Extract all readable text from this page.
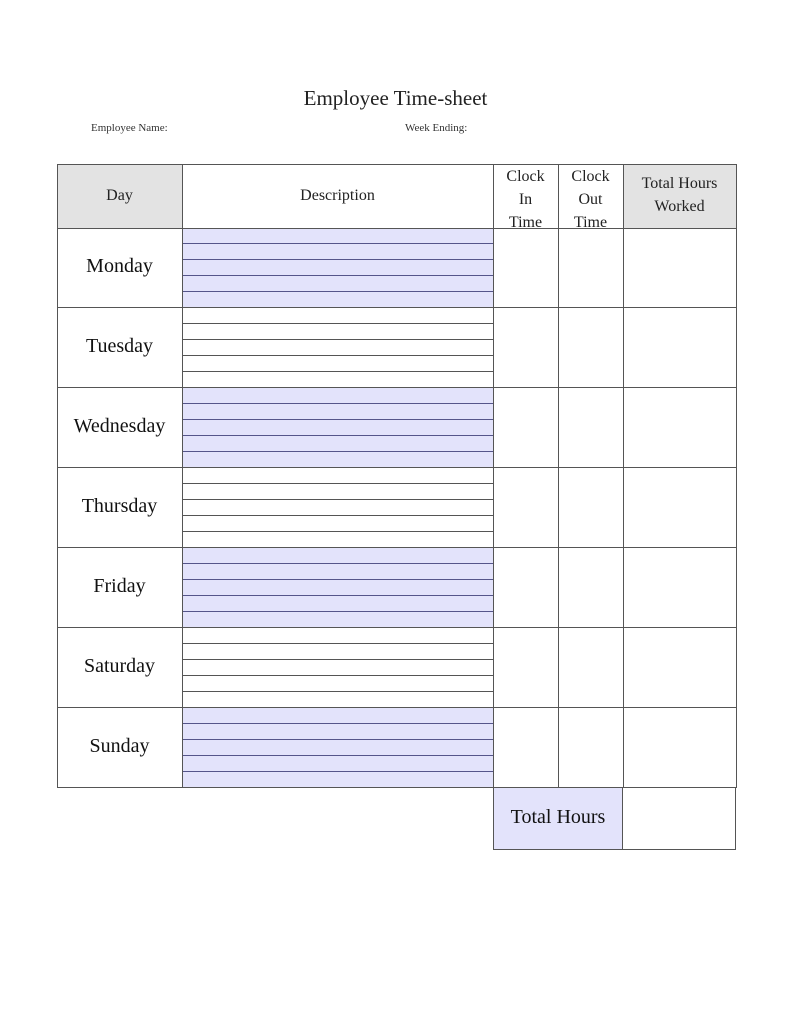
Employee Time-sheet
Employee Name:	Week Ending:
Day	Description
Clock
In
Time
Clock
Out
Time
Total Hours
Worked
Monday
Tuesday
Wednesday
Thursday
Friday
Saturday
Sunday
Total Hours
